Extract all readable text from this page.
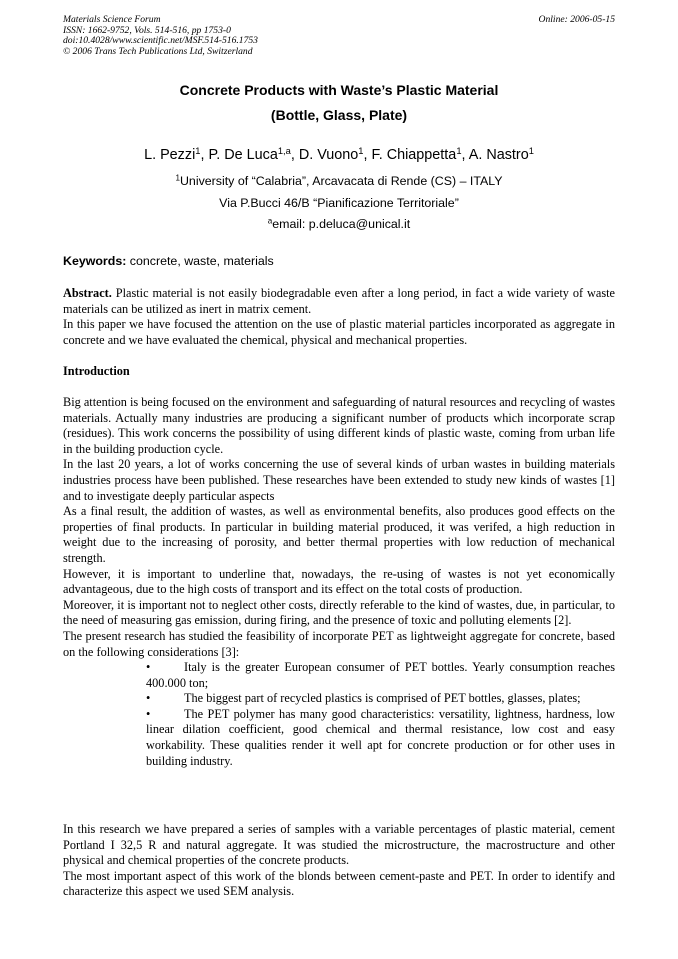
Materials Science Forum
ISSN: 1662-9752, Vols. 514-516, pp 1753-0
doi:10.4028/www.scientific.net/MSF.514-516.1753
© 2006 Trans Tech Publications Ltd, Switzerland
Online: 2006-05-15
Concrete Products with Waste’s Plastic Material
(Bottle, Glass, Plate)
L. Pezzi$^1$, P. De Luca$^{1,a}$, D. Vuono$^1$, F. Chiappetta$^1$, A. Nastro$^1$
$^1$University of “Calabria”, Arcavacata di Rende (CS) – ITALY
Via P.Bucci 46/B “Pianificazione Territoriale”
$^a$email: p.deluca@unical.it
Keywords: concrete, waste, materials

Abstract. Plastic material is not easily biodegradable even after a long period, in fact a wide variety of waste materials can be utilized as inert in matrix cement.

In this paper we have focused the attention on the use of plastic material particles incorporated as aggregate in concrete and we have evaluated the chemical, physical and mechanical properties.

Introduction

Big attention is being focused on the environment and safeguarding of natural resources and recycling of wastes materials. Actually many industries are producing a significant number of products which incorporate scrap (residues). This work concerns the possibility of using different kinds of plastic waste, coming from urban life in the building production cycle.

In the last 20 years, a lot of works concerning the use of several kinds of urban wastes in building materials industries process have been published. These researches have been extended to study new kinds of wastes [1] and to investigate deeply particular aspects

As a final result, the addition of wastes, as well as environmental benefits, also produces good effects on the properties of final products. In particular in building material produced, it was verifed, a high reduction in weight due to the increasing of porosity, and better thermal properties with low reduction of mechanical strength.

However, it is important to underline that, nowadays, the re-using of wastes is not yet economically advantageous, due to the high costs of transport and its effect on the total costs of production.

Moreover, it is important not to neglect other costs, directly referable to the kind of wastes, due, in particular, to the need of measuring gas emission, during firing, and the presence of toxic and polluting elements [2].

The present research has studied the feasibility of incorporate PET as lightweight aggregate for concrete, based on the following considerations [3]:

•	Italy is the greater European consumer of PET bottles. Yearly consumption reaches 400.000 ton;
•	The biggest part of recycled plastics is comprised of PET bottles, glasses, plates;
•	The PET polymer has many good characteristics: versatility, lightness, hardness, low linear dilation coefficient, good chemical and thermal resistance, low cost and easy workability. These qualities render it well apt for concrete production or for other uses in building industry.

In this research we have prepared a series of samples with a variable percentages of plastic material, cement Portland I 32,5 R and natural aggregate. It was studied the microstructure, the macrostructure and other physical and chemical properties of the concrete products.

The most important aspect of this work of the blonds between cement-paste and PET. In order to identify and characterize this aspect we used SEM analysis.
